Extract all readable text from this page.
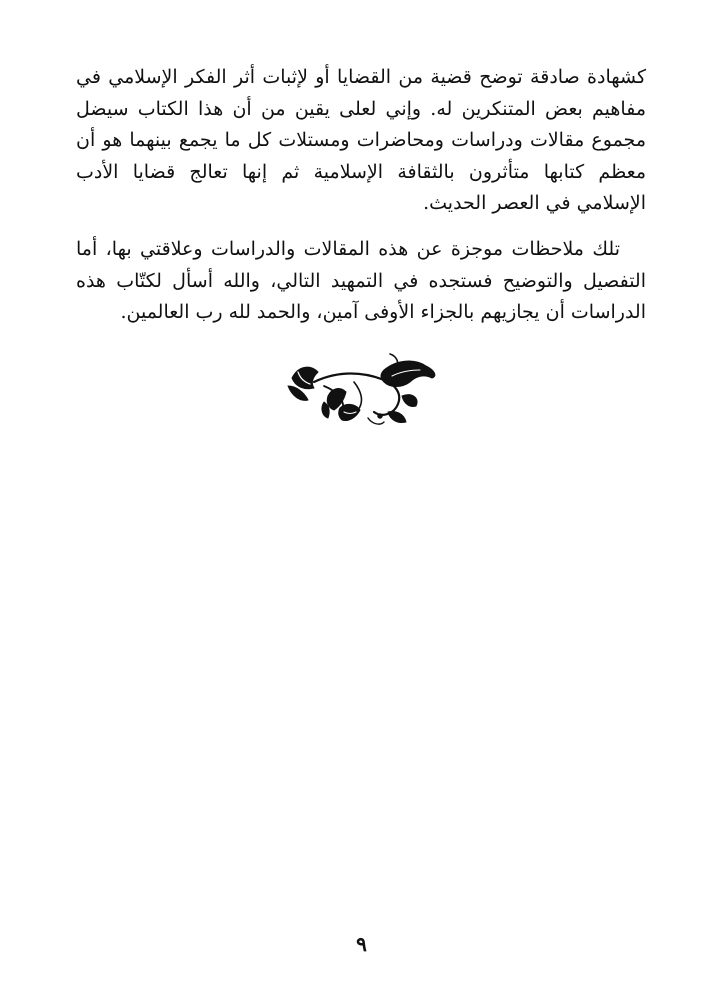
كشهادة صادقة توضح قضية من القضايا أو لإثبات أثر الفكر الإسلامي في مفاهيم بعض المتنكرين له. وإني لعلى يقين من أن هذا الكتاب سيضل مجموع مقالات ودراسات ومحاضرات ومستلات كل ما يجمع بينهما هو أن معظم كتابها متأثرون بالثقافة الإسلامية ثم إنها تعالج قضايا الأدب الإسلامي في العصر الحديث.

تلك ملاحظات موجزة عن هذه المقالات والدراسات وعلاقتي بها، أما التفصيل والتوضيح فستجده في التمهيد التالي، والله أسأل لكتّاب هذه الدراسات أن يجازيهم بالجزاء الأوفى آمين، والحمد لله رب العالمين.

٩
